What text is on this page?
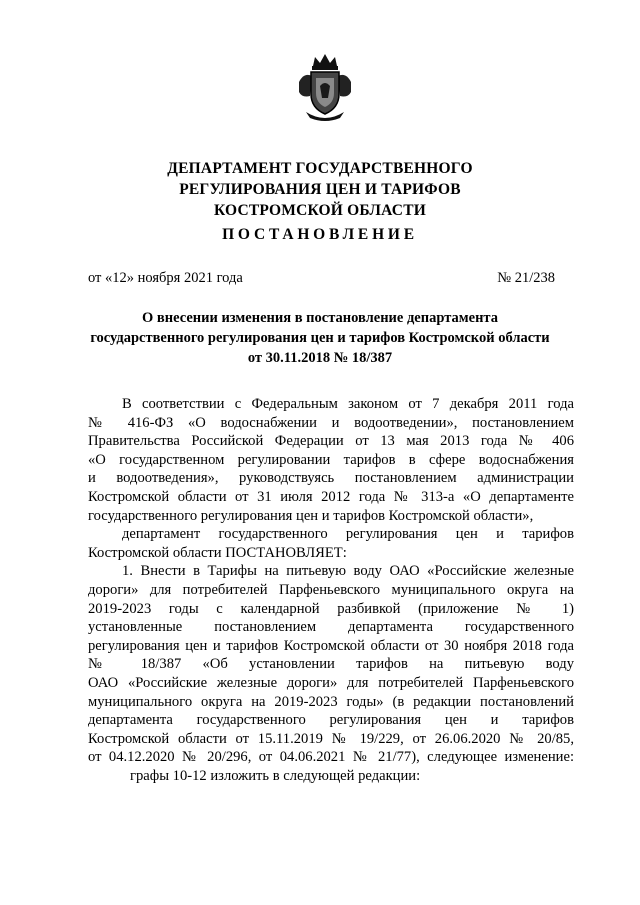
ДЕПАРТАМЕНТ ГОСУДАРСТВЕННОГО
РЕГУЛИРОВАНИЯ ЦЕН И ТАРИФОВ
КОСТРОМСКОЙ ОБЛАСТИ
ПОСТАНОВЛЕНИЕ
от «12» ноября 2021 года	№ 21/238
О внесении изменения в постановление департамента
государственного регулирования цен и тарифов Костромской области
от 30.11.2018 № 18/387
В соответствии с Федеральным законом от 7 декабря 2011 года
№ 416-ФЗ «О водоснабжении и водоотведении», постановлением
Правительства Российской Федерации от 13 мая 2013 года № 406
«О государственном регулировании тарифов в сфере водоснабжения
и водоотведения», руководствуясь постановлением администрации
Костромской области от 31 июля 2012 года № 313-а «О департаменте
государственного регулирования цен и тарифов Костромской области»,
департамент государственного регулирования цен и тарифов
Костромской области ПОСТАНОВЛЯЕТ:
1. Внести в Тарифы на питьевую воду ОАО «Российские железные
дороги» для потребителей Парфеньевского муниципального округа на
2019-2023 годы с календарной разбивкой (приложение № 1)
установленные постановлением департамента государственного
регулирования цен и тарифов Костромской области от 30 ноября 2018 года
№ 18/387 «Об установлении тарифов на питьевую воду
ОАО «Российские железные дороги» для потребителей Парфеньевского
муниципального округа на 2019-2023 годы» (в редакции постановлений
департамента государственного регулирования цен и тарифов
Костромской области от 15.11.2019 № 19/229, от 26.06.2020 № 20/85,
от 04.12.2020 № 20/296, от 04.06.2021 № 21/77), следующее изменение:
графы 10-12 изложить в следующей редакции:
